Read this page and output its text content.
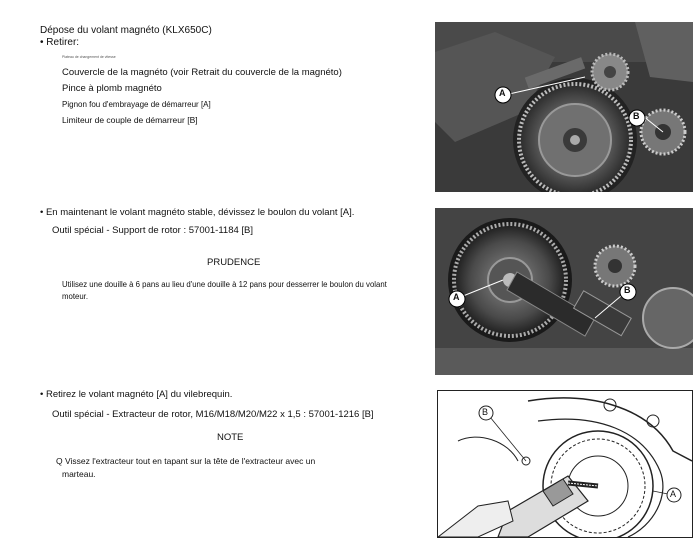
Dépose du volant magnéto (KLX650C)
• Retirer:
Plateau de changement de vitesse
Couvercle de la magnéto (voir Retrait du couvercle de la magnéto)
Pince à plomb magnéto
Pignon fou d'embrayage de démarreur [A]
Limiteur de couple de démarreur [B]
• En maintenant le volant magnéto stable, dévissez le boulon du volant [A].
Outil spécial - Support de rotor : 57001-1184 [B]
PRUDENCE
Utilisez une douille à 6 pans au lieu d'une douille à 12 pans pour desserrer le boulon du volant
moteur.
• Retirez le volant magnéto [A] du vilebrequin.
Outil spécial - Extracteur de rotor, M16/M18/M20/M22 x 1,5 : 57001-1216 [B]
NOTE
Q Vissez l'extracteur tout en tapant sur la tête de l'extracteur avec un
marteau.
A
B
A
B
B
A
